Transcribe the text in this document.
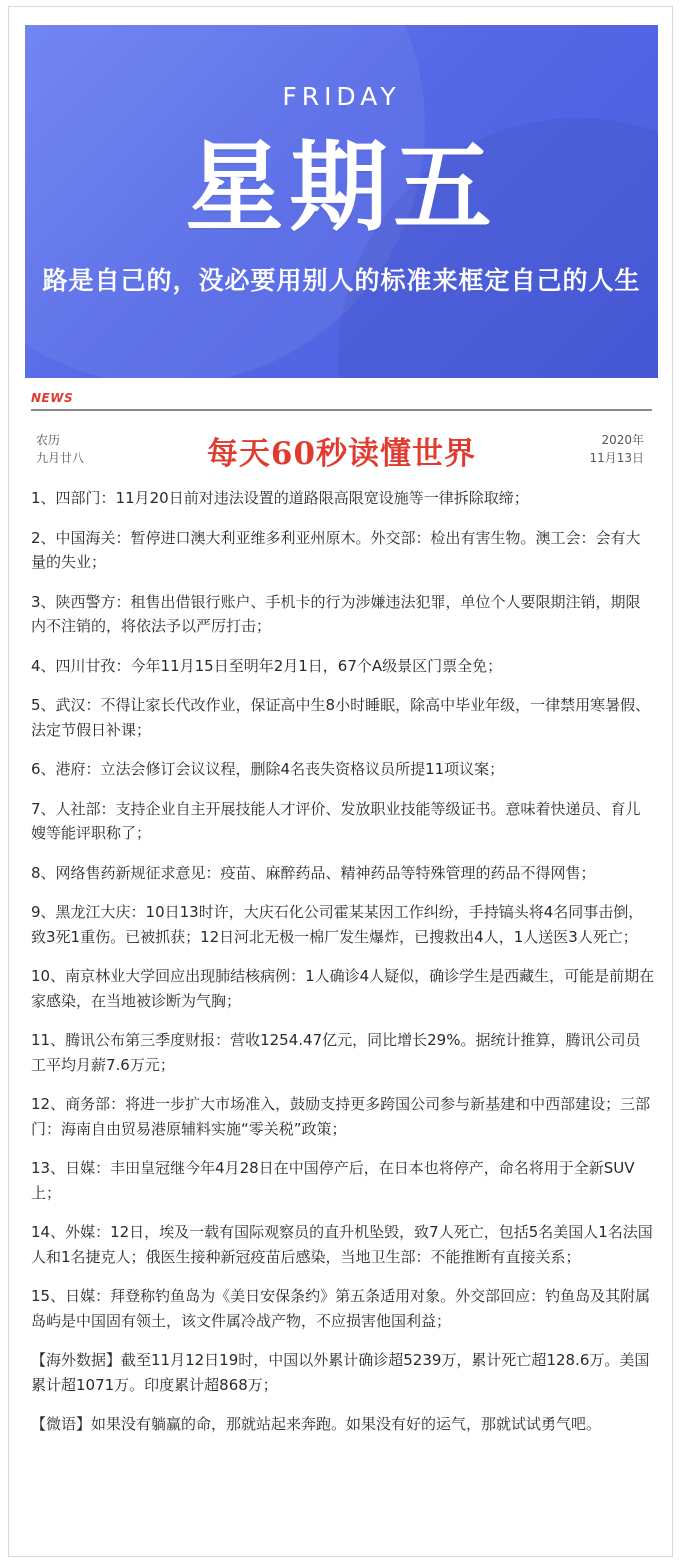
FRIDAY
星期五
路是自己的，没必要用别人的标准来框定自己的人生
NEWS
农历
九月廿八	每天60秒读懂世界	2020年
11月13日

1、四部门：11月20日前对违法设置的道路限高限宽设施等一律拆除取缔；

2、中国海关：暂停进口澳大利亚维多利亚州原木。外交部：检出有害生物。澳工会：会有大量的失业；

3、陕西警方：租售出借银行账户、手机卡的行为涉嫌违法犯罪，单位个人要限期注销，期限内不注销的，将依法予以严厉打击；

4、四川甘孜：今年11月15日至明年2月1日，67个A级景区门票全免；

5、武汉：不得让家长代改作业，保证高中生8小时睡眠，除高中毕业年级，一律禁用寒暑假、法定节假日补课；

6、港府：立法会修订会议议程，删除4名丧失资格议员所提11项议案；

7、人社部：支持企业自主开展技能人才评价、发放职业技能等级证书。意味着快递员、育儿嫂等能评职称了；

8、网络售药新规征求意见：疫苗、麻醉药品、精神药品等特殊管理的药品不得网售；

9、黑龙江大庆：10日13时许，大庆石化公司霍某某因工作纠纷，手持镐头将4名同事击倒，致3死1重伤。已被抓获；12日河北无极一棉厂发生爆炸，已搜救出4人，1人送医3人死亡；

10、南京林业大学回应出现肺结核病例：1人确诊4人疑似，确诊学生是西藏生，可能是前期在家感染，在当地被诊断为气胸；

11、腾讯公布第三季度财报：营收1254.47亿元，同比增长29%。据统计推算，腾讯公司员工平均月薪7.6万元；

12、商务部：将进一步扩大市场准入，鼓励支持更多跨国公司参与新基建和中西部建设；三部门：海南自由贸易港原辅料实施“零关税”政策；

13、日媒：丰田皇冠继今年4月28日在中国停产后，在日本也将停产，命名将用于全新SUV上；

14、外媒：12日，埃及一载有国际观察员的直升机坠毁，致7人死亡，包括5名美国人1名法国人和1名捷克人；俄医生接种新冠疫苗后感染，当地卫生部：不能推断有直接关系；

15、日媒：拜登称钓鱼岛为《美日安保条约》第五条适用对象。外交部回应：钓鱼岛及其附属岛屿是中国固有领土，该文件属冷战产物，不应损害他国利益；

【海外数据】截至11月12日19时，中国以外累计确诊超5239万，累计死亡超128.6万。美国累计超1071万。印度累计超868万；

【微语】如果没有躺赢的命，那就站起来奔跑。如果没有好的运气，那就试试勇气吧。
